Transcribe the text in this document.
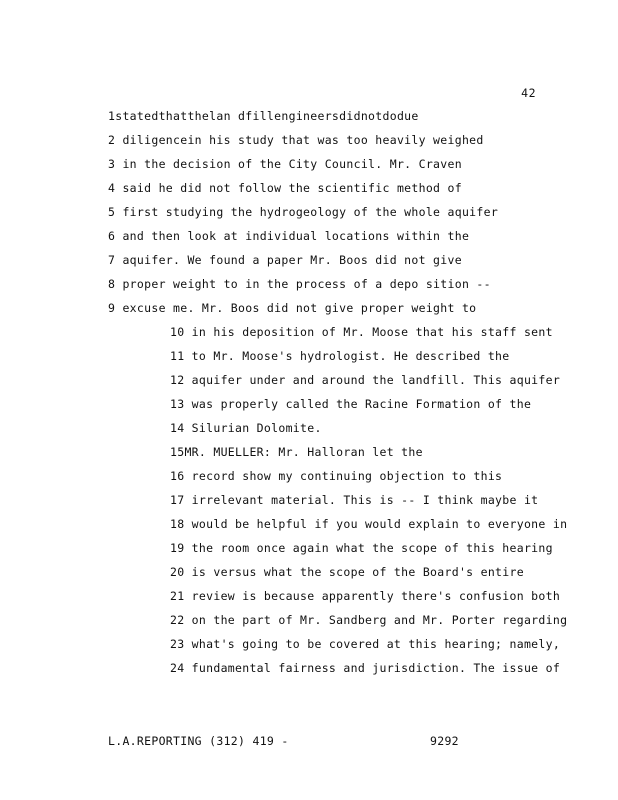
42
1statedthatthelan dfillengineersdidnotdodue
2 diligencein his study that was too heavily weighed
3 in the decision of the City Council. Mr. Craven
4 said he did not follow the scientific method of
5 first studying the hydrogeology of the whole aquifer
6 and then look at individual locations within the
7 aquifer. We found a paper Mr. Boos did not give
8 proper weight to in the process of a depo sition --
9 excuse me. Mr. Boos did not give proper weight to
10 in his deposition of Mr. Moose that his staff sent
11 to Mr. Moose's hydrologist. He described the
12 aquifer under and around the landfill. This aquifer
13 was properly called the Racine Formation of the
14 Silurian Dolomite.
15MR. MUELLER: Mr. Halloran let the
16 record show my continuing objection to this
17 irrelevant material. This is -- I think maybe it
18 would be helpful if you would explain to everyone in
19 the room once again what the scope of this hearing
20 is versus what the scope of the Board's entire
21 review is because apparently there's confusion both
22 on the part of Mr. Sandberg and Mr. Porter regarding
23 what's going to be covered at this hearing; namely,
24 fundamental fairness and jurisdiction. The issue of
L.A.REPORTING (312) 419 -	9292
